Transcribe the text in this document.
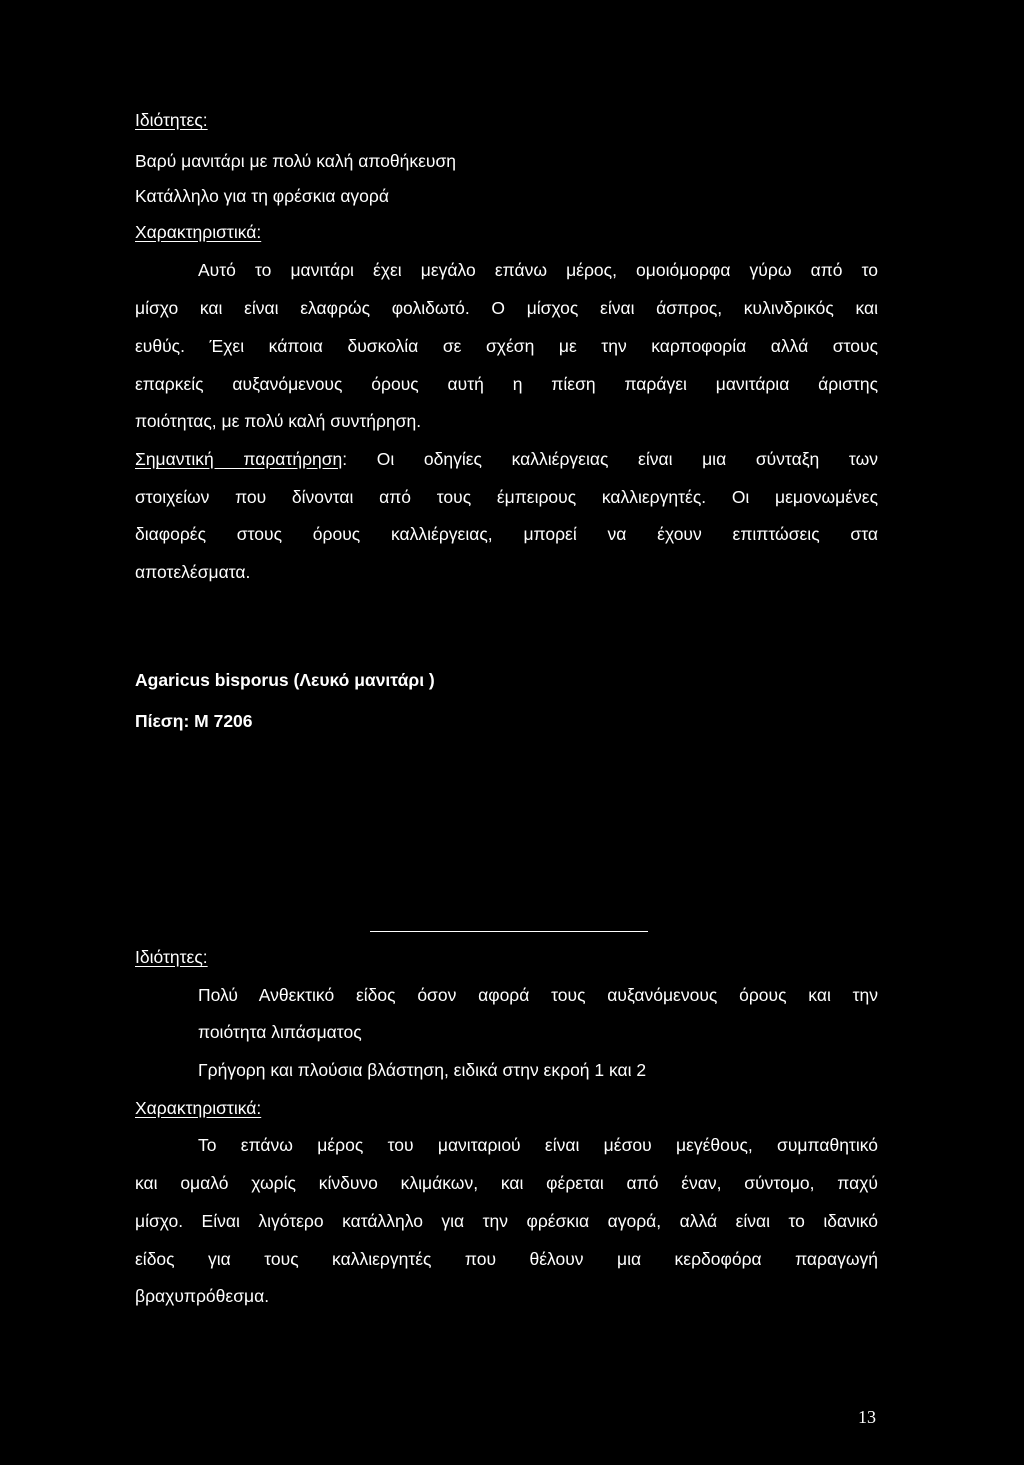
Ιδιότητες:
Βαρύ μανιτάρι με πολύ καλή αποθήκευση
Κατάλληλο για τη φρέσκια αγορά
Χαρακτηριστικά:
Αυτό το μανιτάρι έχει μεγάλο επάνω μέρος, ομοιόμορφα γύρω από το
μίσχο και είναι ελαφρώς φολιδωτό. Ο μίσχος είναι άσπρος, κυλινδρικός και
ευθύς. Έχει κάποια δυσκολία σε σχέση με την καρποφορία αλλά στους
επαρκείς αυξανόμενους όρους αυτή η πίεση παράγει μανιτάρια άριστης
ποιότητας, με πολύ καλή συντήρηση.
Σημαντική παρατήρηση: Οι οδηγίες καλλιέργειας είναι μια σύνταξη των
στοιχείων που δίνονται από τους έμπειρους καλλιεργητές. Οι μεμονωμένες
διαφορές στους όρους καλλιέργειας, μπορεί να έχουν επιπτώσεις στα
αποτελέσματα.
Agaricus bisporus (Λευκό μανιτάρι )
Πίεση: M 7206
Ιδιότητες:
Πολύ Ανθεκτικό είδος όσον αφορά τους αυξανόμενους όρους και την
ποιότητα λιπάσματος
Γρήγορη και πλούσια βλάστηση, ειδικά στην εκροή 1 και 2
Χαρακτηριστικά:
Το επάνω μέρος του μανιταριού είναι μέσου μεγέθους, συμπαθητικό
και ομαλό χωρίς κίνδυνο κλιμάκων, και φέρεται από έναν, σύντομο, παχύ
μίσχο. Είναι λιγότερο κατάλληλο για την φρέσκια αγορά, αλλά είναι το ιδανικό
είδος για τους καλλιεργητές που θέλουν μια κερδοφόρα παραγωγή
βραχυπρόθεσμα.
13
